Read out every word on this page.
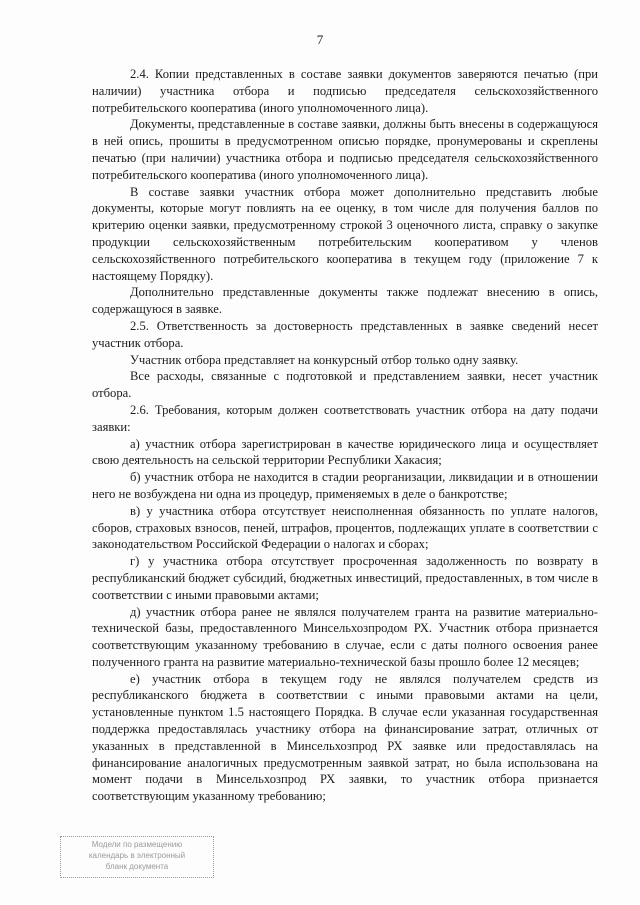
7

2.4. Копии представленных в составе заявки документов заверяются печатью (при наличии) участника отбора и подписью председателя сельскохозяйственного потребительского кооператива (иного уполномоченного лица).

Документы, представленные в составе заявки, должны быть внесены в содержащуюся в ней опись, прошиты в предусмотренном описью порядке, пронумерованы и скреплены печатью (при наличии) участника отбора и подписью председателя сельскохозяйственного потребительского кооператива (иного уполномоченного лица).

В составе заявки участник отбора может дополнительно представить любые документы, которые могут повлиять на ее оценку, в том числе для получения баллов по критерию оценки заявки, предусмотренному строкой 3 оценочного листа, справку о закупке продукции сельскохозяйственным потребительским кооперативом у членов сельскохозяйственного потребительского кооператива в текущем году (приложение 7 к настоящему Порядку).

Дополнительно представленные документы также подлежат внесению в опись, содержащуюся в заявке.

2.5. Ответственность за достоверность представленных в заявке сведений несет участник отбора.

Участник отбора представляет на конкурсный отбор только одну заявку.

Все расходы, связанные с подготовкой и представлением заявки, несет участник отбора.

2.6. Требования, которым должен соответствовать участник отбора на дату подачи заявки:

а) участник отбора зарегистрирован в качестве юридического лица и осуществляет свою деятельность на сельской территории Республики Хакасия;

б) участник отбора не находится в стадии реорганизации, ликвидации и в отношении него не возбуждена ни одна из процедур, применяемых в деле о банкротстве;

в) у участника отбора отсутствует неисполненная обязанность по уплате налогов, сборов, страховых взносов, пеней, штрафов, процентов, подлежащих уплате в соответствии с законодательством Российской Федерации о налогах и сборах;

г) у участника отбора отсутствует просроченная задолженность по возврату в республиканский бюджет субсидий, бюджетных инвестиций, предоставленных, в том числе в соответствии с иными правовыми актами;

д) участник отбора ранее не являлся получателем гранта на развитие материально-технической базы, предоставленного Минсельхозпродом РХ. Участник отбора признается соответствующим указанному требованию в случае, если с даты полного освоения ранее полученного гранта на развитие материально-технической базы прошло более 12 месяцев;

е) участник отбора в текущем году не являлся получателем средств из республиканского бюджета в соответствии с иными правовыми актами на цели, установленные пунктом 1.5 настоящего Порядка. В случае если указанная государственная поддержка предоставлялась участнику отбора на финансирование затрат, отличных от указанных в представленной в Минсельхозпрод РХ заявке или предоставлялась на финансирование аналогичных предусмотренным заявкой затрат, но была использована на момент подачи в Минсельхозпрод РХ заявки, то участник отбора признается соответствующим указанному требованию;

Модели по размещению
календарь в электронный
бланк документа
